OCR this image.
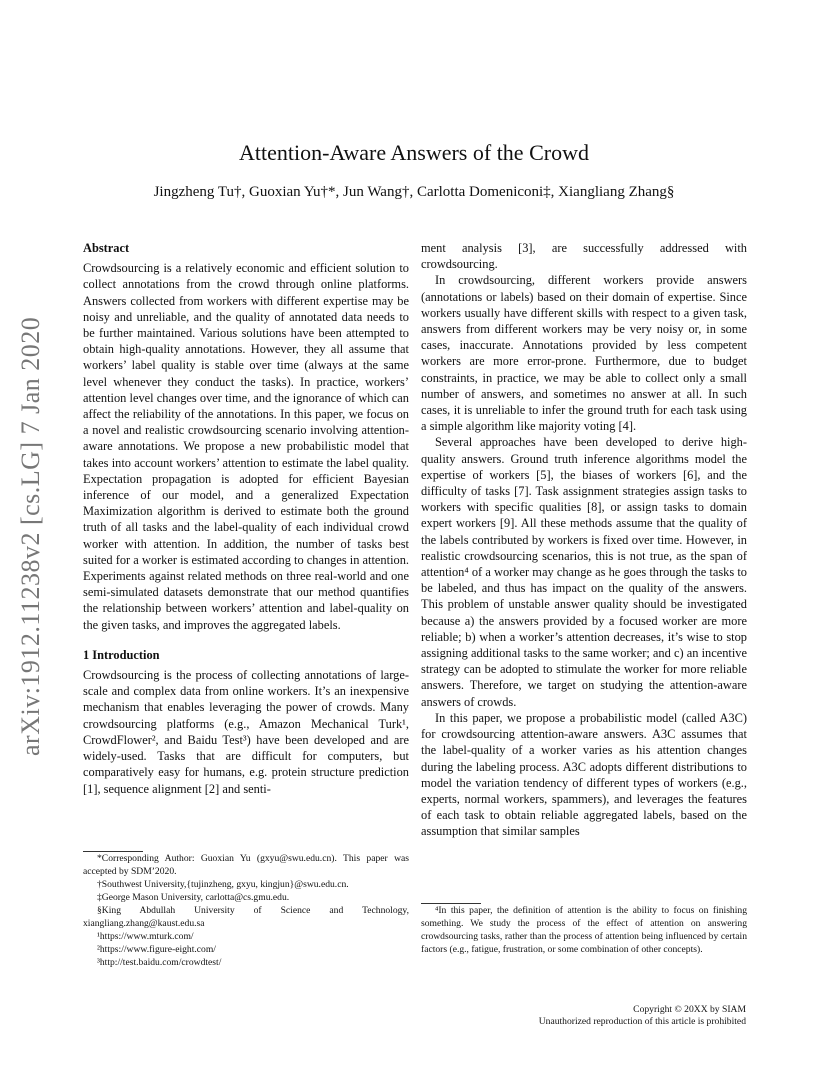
arXiv:1912.11238v2 [cs.LG] 7 Jan 2020
Attention-Aware Answers of the Crowd
Jingzheng Tu†, Guoxian Yu†*, Jun Wang†, Carlotta Domeniconi‡, Xiangliang Zhang§
Abstract

Crowdsourcing is a relatively economic and efficient solution to collect annotations from the crowd through online platforms. Answers collected from workers with different expertise may be noisy and unreliable, and the quality of annotated data needs to be further maintained. Various solutions have been attempted to obtain high-quality annotations. However, they all assume that workers’ label quality is stable over time (always at the same level whenever they conduct the tasks). In practice, workers’ attention level changes over time, and the ignorance of which can affect the reliability of the annotations. In this paper, we focus on a novel and realistic crowdsourcing scenario involving attention-aware annotations. We propose a new probabilistic model that takes into account workers’ attention to estimate the label quality. Expectation propagation is adopted for efficient Bayesian inference of our model, and a generalized Expectation Maximization algorithm is derived to estimate both the ground truth of all tasks and the label-quality of each individual crowd worker with attention. In addition, the number of tasks best suited for a worker is estimated according to changes in attention. Experiments against related methods on three real-world and one semi-simulated datasets demonstrate that our method quantifies the relationship between workers’ attention and label-quality on the given tasks, and improves the aggregated labels.

1 Introduction

Crowdsourcing is the process of collecting annotations of large-scale and complex data from online workers. It’s an inexpensive mechanism that enables leveraging the power of crowds. Many crowdsourcing platforms (e.g., Amazon Mechanical Turk¹, CrowdFlower², and Baidu Test³) have been developed and are widely-used. Tasks that are difficult for computers, but comparatively easy for humans, e.g. protein structure prediction [1], sequence alignment [2] and senti-

ment analysis [3], are successfully addressed with crowdsourcing.

In crowdsourcing, different workers provide answers (annotations or labels) based on their domain of expertise. Since workers usually have different skills with respect to a given task, answers from different workers may be very noisy or, in some cases, inaccurate. Annotations provided by less competent workers are more error-prone. Furthermore, due to budget constraints, in practice, we may be able to collect only a small number of answers, and sometimes no answer at all. In such cases, it is unreliable to infer the ground truth for each task using a simple algorithm like majority voting [4].

Several approaches have been developed to derive high-quality answers. Ground truth inference algorithms model the expertise of workers [5], the biases of workers [6], and the difficulty of tasks [7]. Task assignment strategies assign tasks to workers with specific qualities [8], or assign tasks to domain expert workers [9]. All these methods assume that the quality of the labels contributed by workers is fixed over time. However, in realistic crowdsourcing scenarios, this is not true, as the span of attention⁴ of a worker may change as he goes through the tasks to be labeled, and thus has impact on the quality of the answers. This problem of unstable answer quality should be investigated because a) the answers provided by a focused worker are more reliable; b) when a worker’s attention decreases, it’s wise to stop assigning additional tasks to the same worker; and c) an incentive strategy can be adopted to stimulate the worker for more reliable answers. Therefore, we target on studying the attention-aware answers of crowds.

In this paper, we propose a probabilistic model (called A3C) for crowdsourcing attention-aware answers. A3C assumes that the label-quality of a worker varies as his attention changes during the labeling process. A3C adopts different distributions to model the variation tendency of different types of workers (e.g., experts, normal workers, spammers), and leverages the features of each task to obtain reliable aggregated labels, based on the assumption that similar samples

*Corresponding Author: Guoxian Yu (gxyu@swu.edu.cn). This paper was accepted by SDM’2020.

†Southwest University,{tujinzheng, gxyu, kingjun}@swu.edu.cn.

‡George Mason University, carlotta@cs.gmu.edu.

§King Abdullah University of Science and Technology, xiangliang.zhang@kaust.edu.sa

¹https://www.mturk.com/

²https://www.figure-eight.com/

³http://test.baidu.com/crowdtest/

⁴In this paper, the definition of attention is the ability to focus on finishing something. We study the process of the effect of attention on answering crowdsourcing tasks, rather than the process of attention being influenced by certain factors (e.g., fatigue, frustration, or some combination of other concepts).

Copyright © 20XX by SIAM
Unauthorized reproduction of this article is prohibited
